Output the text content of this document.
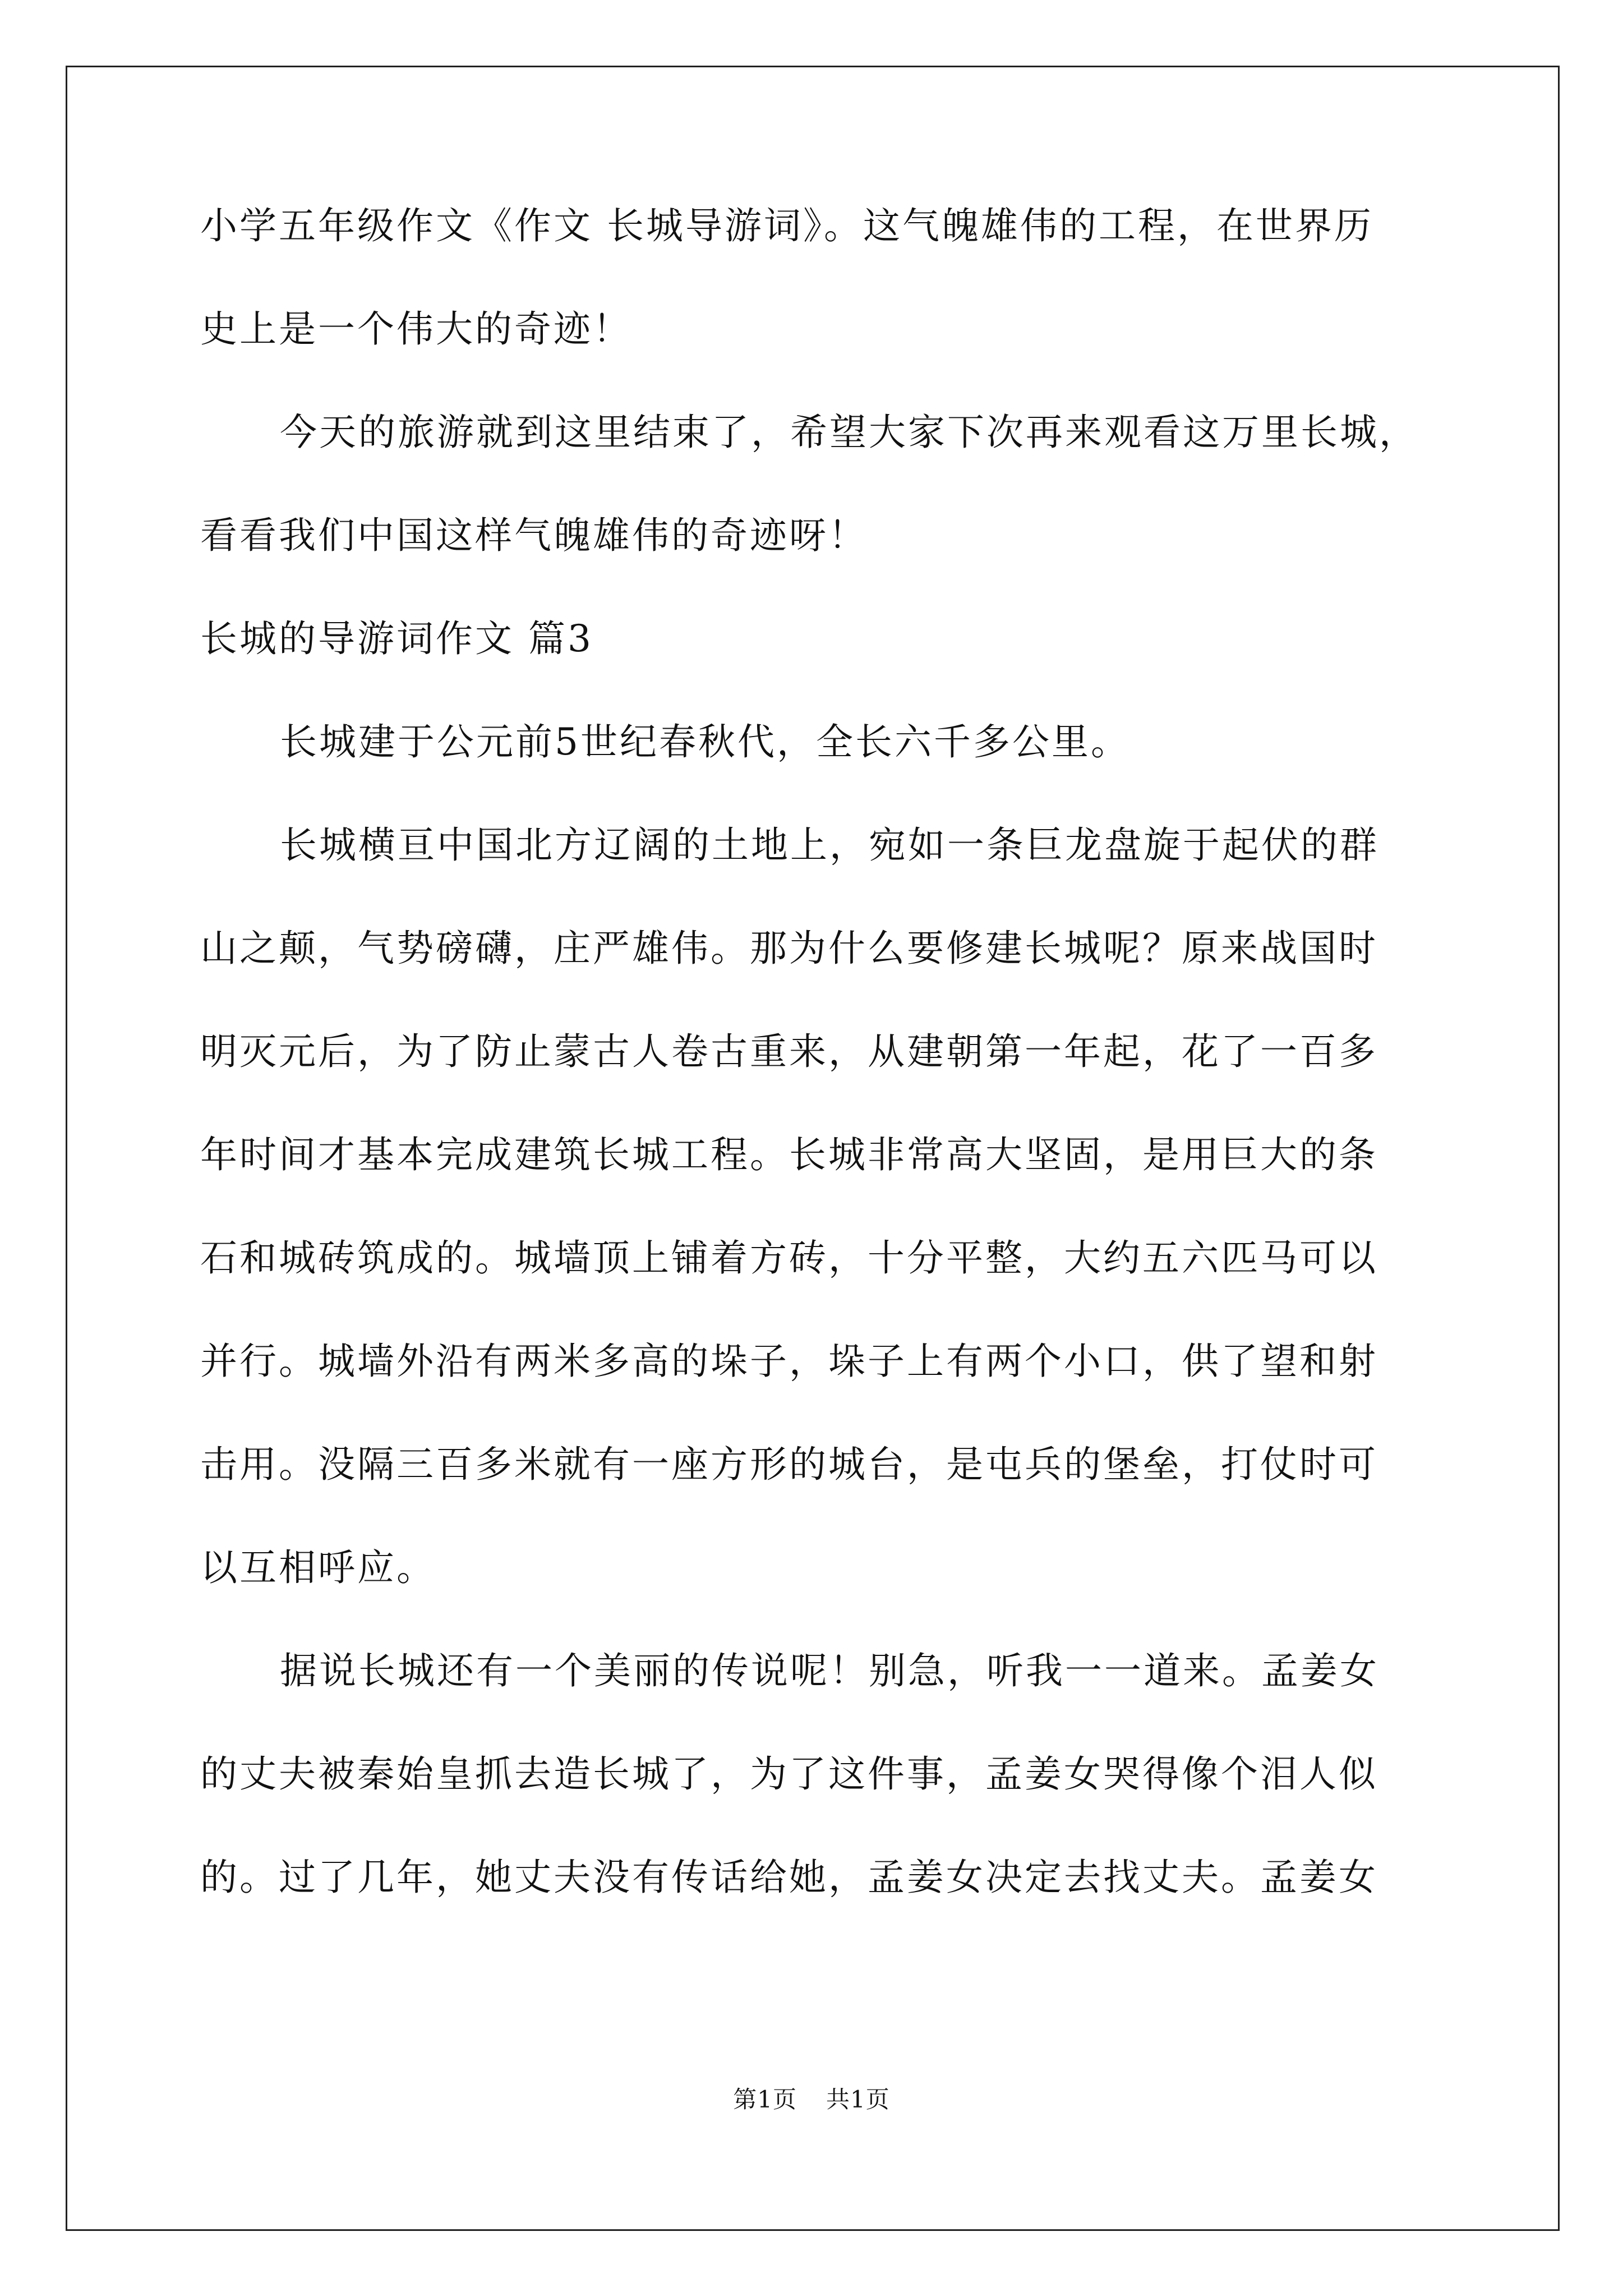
小学五年级作文《作文 长城导游词》。这气魄雄伟的工程，在世界历
史上是一个伟大的奇迹！
今天的旅游就到这里结束了，希望大家下次再来观看这万里长城，
看看我们中国这样气魄雄伟的奇迹呀！
长城的导游词作文 篇3
长城建于公元前5世纪春秋代，全长六千多公里。
长城横亘中国北方辽阔的土地上，宛如一条巨龙盘旋于起伏的群
山之颠，气势磅礴，庄严雄伟。那为什么要修建长城呢？原来战国时
明灭元后，为了防止蒙古人卷古重来，从建朝第一年起，花了一百多
年时间才基本完成建筑长城工程。长城非常高大坚固，是用巨大的条
石和城砖筑成的。城墙顶上铺着方砖，十分平整，大约五六匹马可以
并行。城墙外沿有两米多高的垛子，垛子上有两个小口，供了望和射
击用。没隔三百多米就有一座方形的城台，是屯兵的堡垒，打仗时可
以互相呼应。
据说长城还有一个美丽的传说呢！别急，听我一一道来。孟姜女
的丈夫被秦始皇抓去造长城了，为了这件事，孟姜女哭得像个泪人似
的。过了几年，她丈夫没有传话给她，孟姜女决定去找丈夫。孟姜女
第1页 共1页
